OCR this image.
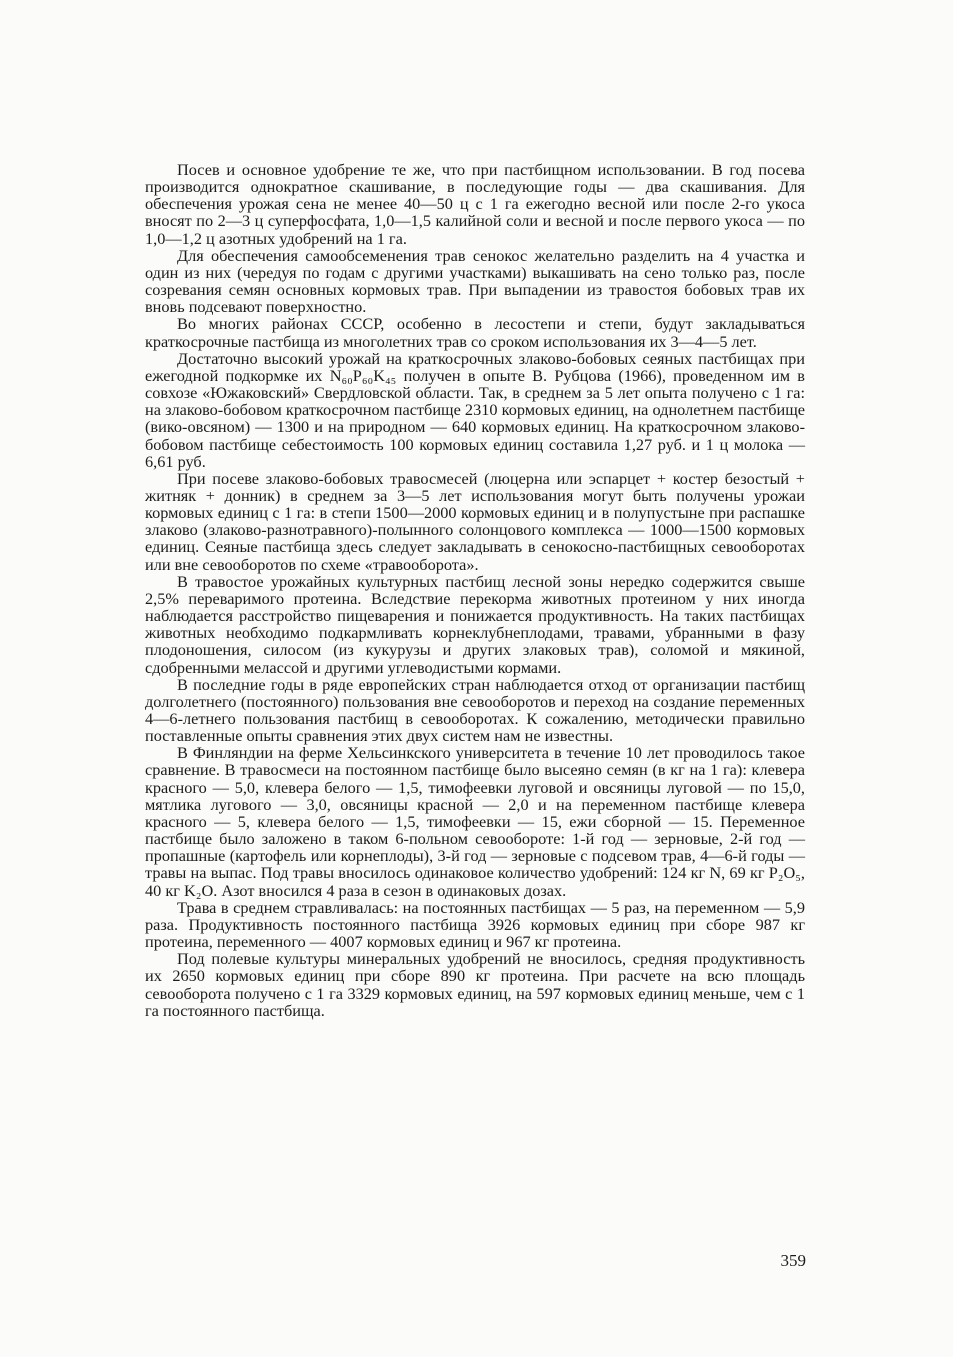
Посев и основное удобрение те же, что при пастбищном использовании. В год посева производится однократное скашивание, в последующие годы — два скашивания. Для обеспечения урожая сена не менее 40—50 ц с 1 га ежегодно весной или после 2-го укоса вносят по 2—3 ц суперфосфата, 1,0—1,5 калийной соли и весной и после первого укоса — по 1,0—1,2 ц азотных удобрений на 1 га.

Для обеспечения самообсеменения трав сенокос желательно разделить на 4 участка и один из них (чередуя по годам с другими участками) выкашивать на сено только раз, после созревания семян основных кормовых трав. При выпадении из травостоя бобовых трав их вновь подсевают поверхностно.

Во многих районах СССР, особенно в лесостепи и степи, будут закладываться краткосрочные пастбища из многолетних трав со сроком использования их 3—4—5 лет.

Достаточно высокий урожай на краткосрочных злаково-бобовых сеяных пастбищах при ежегодной подкормке их N₆₀P₆₀K₄₅ получен в опыте В. Рубцова (1966), проведенном им в совхозе «Южаковский» Свердловской области. Так, в среднем за 5 лет опыта получено с 1 га: на злаково-бобовом краткосрочном пастбище 2310 кормовых единиц, на однолетнем пастбище (вико-овсяном) — 1300 и на природном — 640 кормовых единиц. На краткосрочном злаково-бобовом пастбище себестоимость 100 кормовых единиц составила 1,27 руб. и 1 ц молока — 6,61 руб.

При посеве злаково-бобовых травосмесей (люцерна или эспарцет + костер безостый + житняк + донник) в среднем за 3—5 лет использования могут быть получены урожаи кормовых единиц с 1 га: в степи 1500—2000 кормовых единиц и в полупустыне при распашке злаково (злаково-разнотравного)-полынного солонцового комплекса — 1000—1500 кормовых единиц. Сеяные пастбища здесь следует закладывать в сенокосно-пастбищных севооборотах или вне севооборотов по схеме «травооборота».

В травостое урожайных культурных пастбищ лесной зоны нередко содержится свыше 2,5% переваримого протеина. Вследствие перекорма животных протеином у них иногда наблюдается расстройство пищеварения и понижается продуктивность. На таких пастбищах животных необходимо подкармливать корнеклубнеплодами, травами, убранными в фазу плодоношения, силосом (из кукурузы и других злаковых трав), соломой и мякиной, сдобренными мелассой и другими углеводистыми кормами.

В последние годы в ряде европейских стран наблюдается отход от организации пастбищ долголетнего (постоянного) пользования вне севооборотов и переход на создание переменных 4—6-летнего пользования пастбищ в севооборотах. К сожалению, методически правильно поставленные опыты сравнения этих двух систем нам не известны.

В Финляндии на ферме Хельсинкского университета в течение 10 лет проводилось такое сравнение. В травосмеси на постоянном пастбище было высеяно семян (в кг на 1 га): клевера красного — 5,0, клевера белого — 1,5, тимофеевки луговой и овсяницы луговой — по 15,0, мятлика лугового — 3,0, овсяницы красной — 2,0 и на переменном пастбище клевера красного — 5, клевера белого — 1,5, тимофеевки — 15, ежи сборной — 15. Переменное пастбище было заложено в таком 6-польном севообороте: 1-й год — зерновые, 2-й год — пропашные (картофель или корнеплоды), 3-й год — зерновые с подсевом трав, 4—6-й годы — травы на выпас. Под травы вносилось одинаковое количество удобрений: 124 кг N, 69 кг P₂O₅, 40 кг K₂O. Азот вносился 4 раза в сезон в одинаковых дозах.

Трава в среднем стравливалась: на постоянных пастбищах — 5 раз, на переменном — 5,9 раза. Продуктивность постоянного пастбища 3926 кормовых единиц при сборе 987 кг протеина, переменного — 4007 кормовых единиц и 967 кг протеина.

Под полевые культуры минеральных удобрений не вносилось, средняя продуктивность их 2650 кормовых единиц при сборе 890 кг протеина. При расчете на всю площадь севооборота получено с 1 га 3329 кормовых единиц, на 597 кормовых единиц меньше, чем с 1 га постоянного пастбища.

359
